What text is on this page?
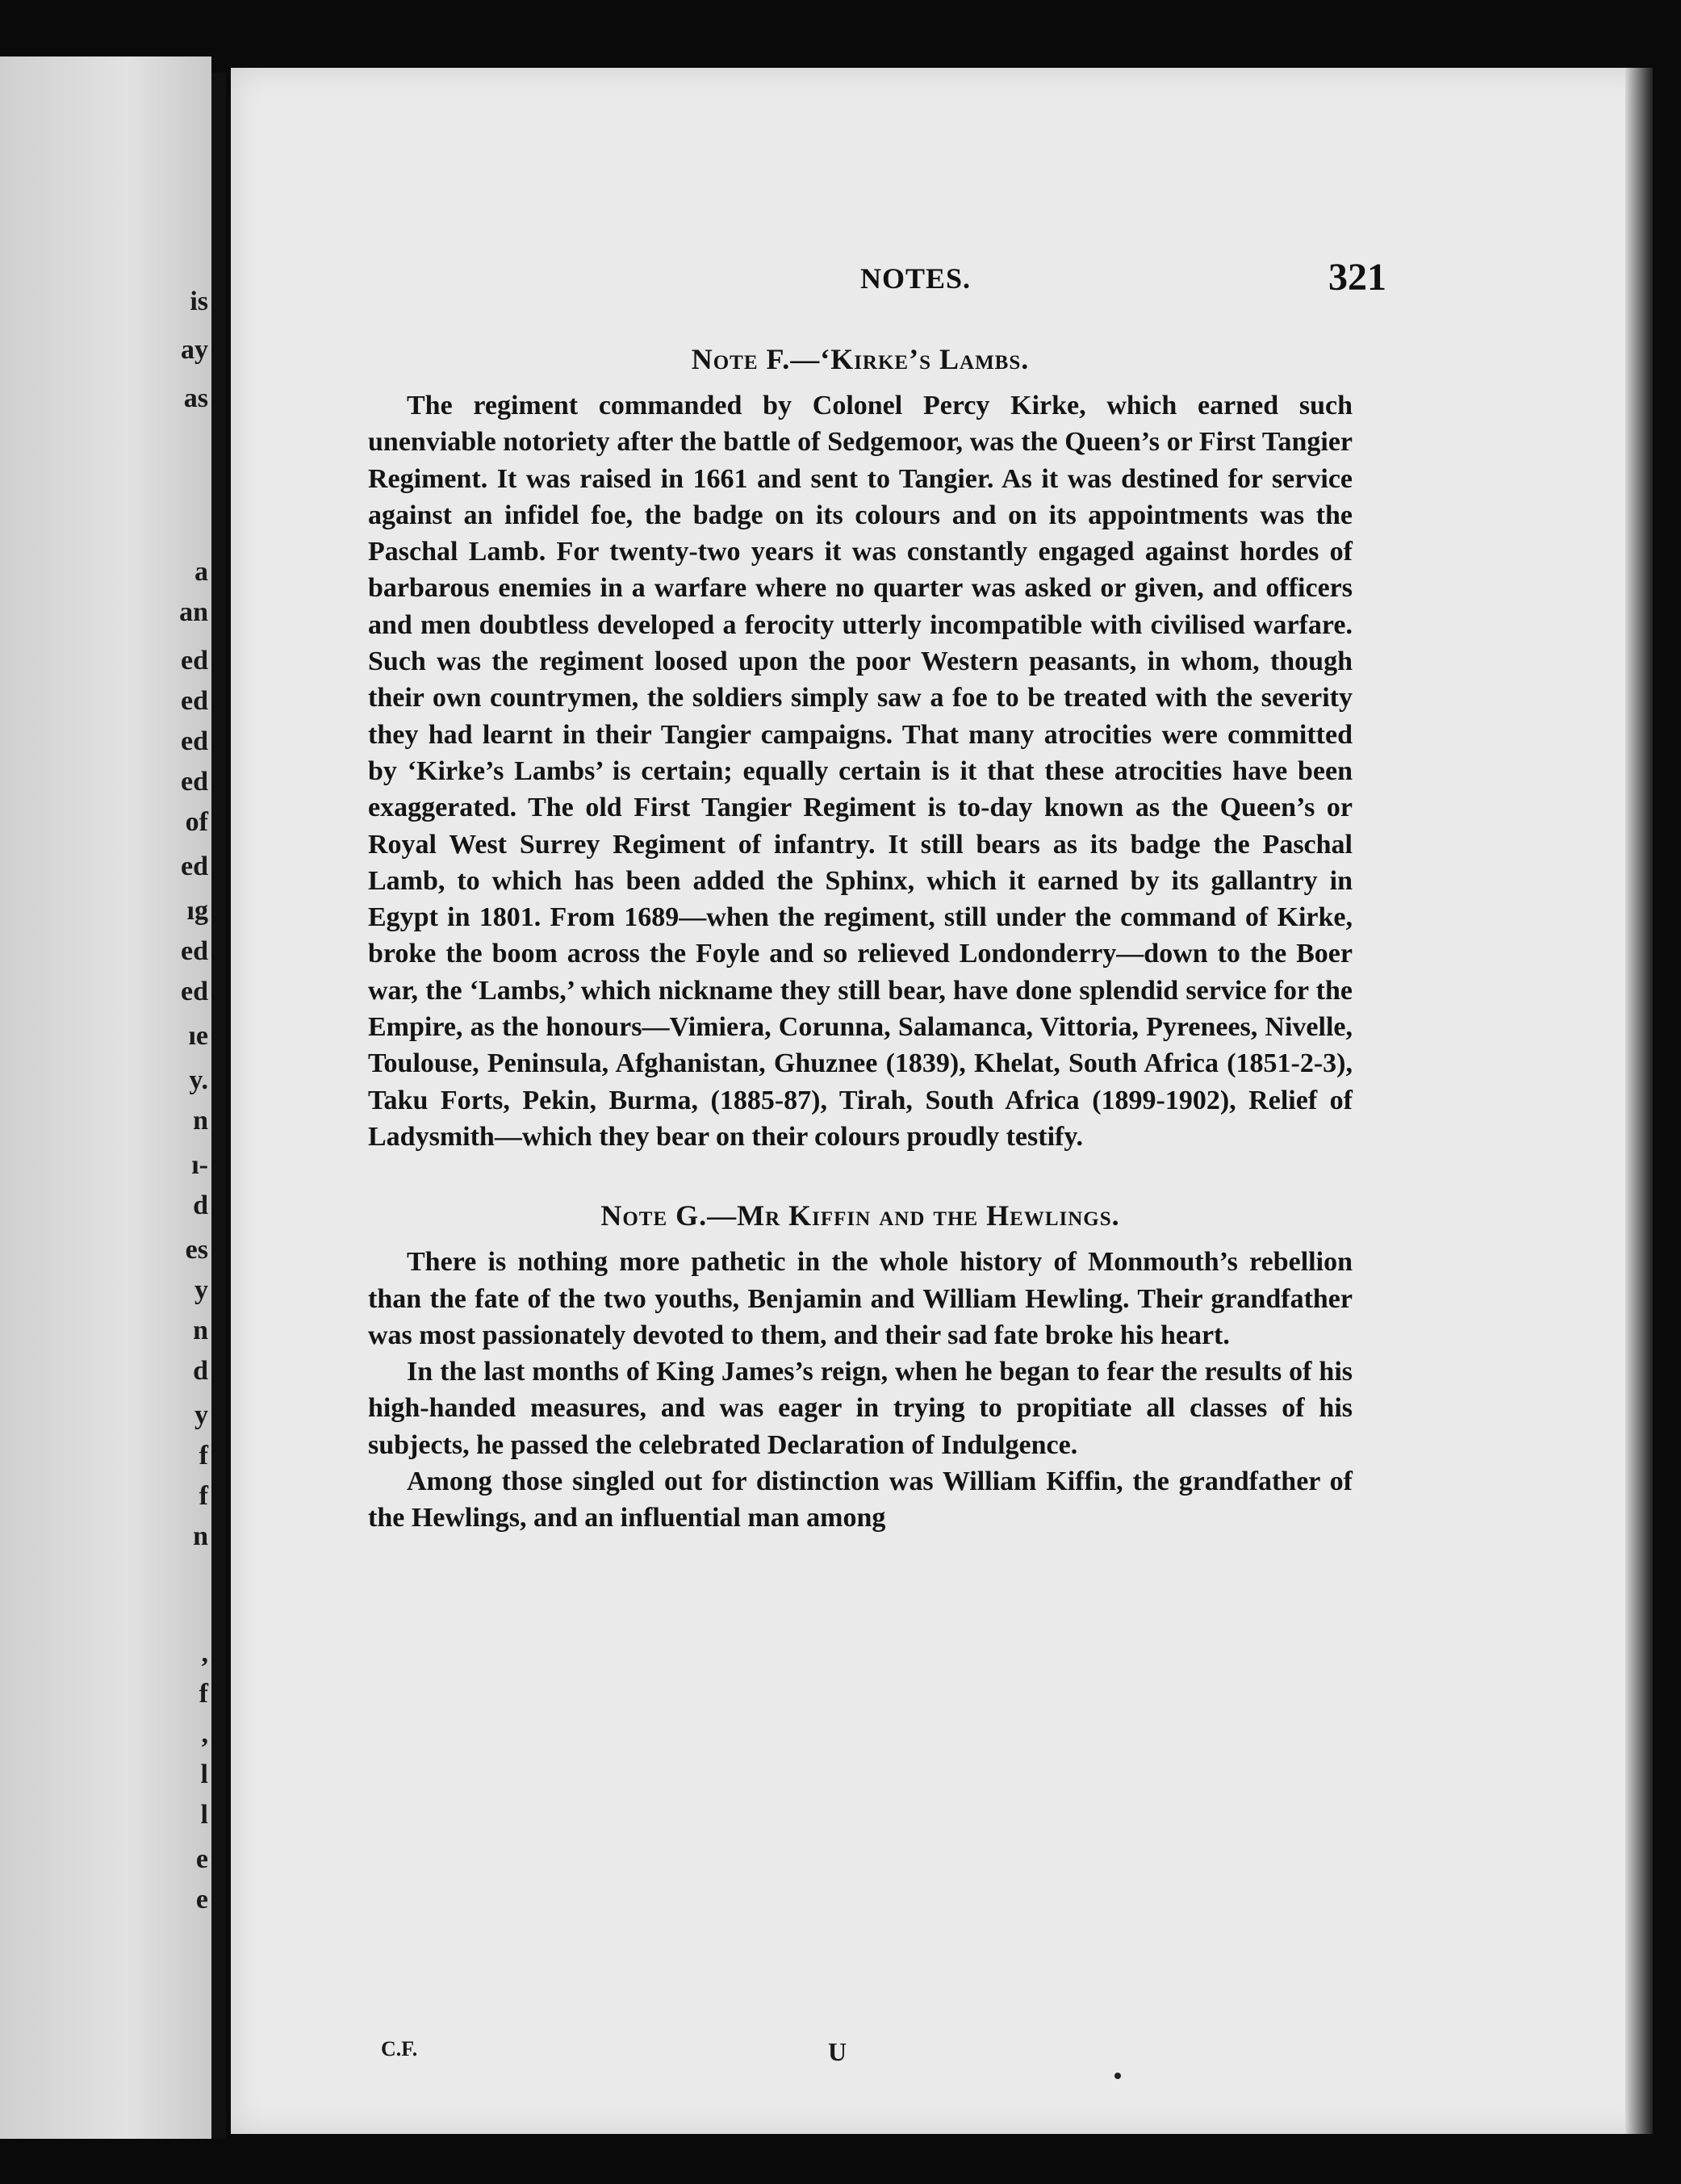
is
ay
as
a
an
ed
ed
ed
ed
of
ed
ıg
ed
ed
ıe
y.
n
ı-
d
es
y
n
d
y
f
f
n
,
f
,
l
l
e
e
NOTES.	321
Note F.—‘Kirke’s Lambs.

The regiment commanded by Colonel Percy Kirke, which earned such unenviable notoriety after the battle of Sedgemoor, was the Queen’s or First Tangier Regiment. It was raised in 1661 and sent to Tangier. As it was destined for service against an infidel foe, the badge on its colours and on its appointments was the Paschal Lamb. For twenty-two years it was constantly engaged against hordes of barbarous enemies in a warfare where no quarter was asked or given, and officers and men doubtless developed a ferocity utterly incompatible with civilised warfare. Such was the regiment loosed upon the poor Western peasants, in whom, though their own countrymen, the soldiers simply saw a foe to be treated with the severity they had learnt in their Tangier campaigns. That many atrocities were committed by ‘Kirke’s Lambs’ is certain; equally certain is it that these atrocities have been exaggerated. The old First Tangier Regiment is to-day known as the Queen’s or Royal West Surrey Regiment of infantry. It still bears as its badge the Paschal Lamb, to which has been added the Sphinx, which it earned by its gallantry in Egypt in 1801. From 1689—when the regiment, still under the command of Kirke, broke the boom across the Foyle and so relieved Londonderry—down to the Boer war, the ‘Lambs,’ which nickname they still bear, have done splendid service for the Empire, as the honours—Vimiera, Corunna, Salamanca, Vittoria, Pyrenees, Nivelle, Toulouse, Peninsula, Afghanistan, Ghuznee (1839), Khelat, South Africa (1851-2-3), Taku Forts, Pekin, Burma, (1885-87), Tirah, South Africa (1899-1902), Relief of Ladysmith—which they bear on their colours proudly testify.

Note G.—Mr Kiffin and the Hewlings.

There is nothing more pathetic in the whole history of Monmouth’s rebellion than the fate of the two youths, Benjamin and William Hewling. Their grandfather was most passionately devoted to them, and their sad fate broke his heart.

In the last months of King James’s reign, when he began to fear the results of his high-handed measures, and was eager in trying to propitiate all classes of his subjects, he passed the celebrated Declaration of Indulgence.

Among those singled out for distinction was William Kiffin, the grandfather of the Hewlings, and an influential man among

C.F.	U
